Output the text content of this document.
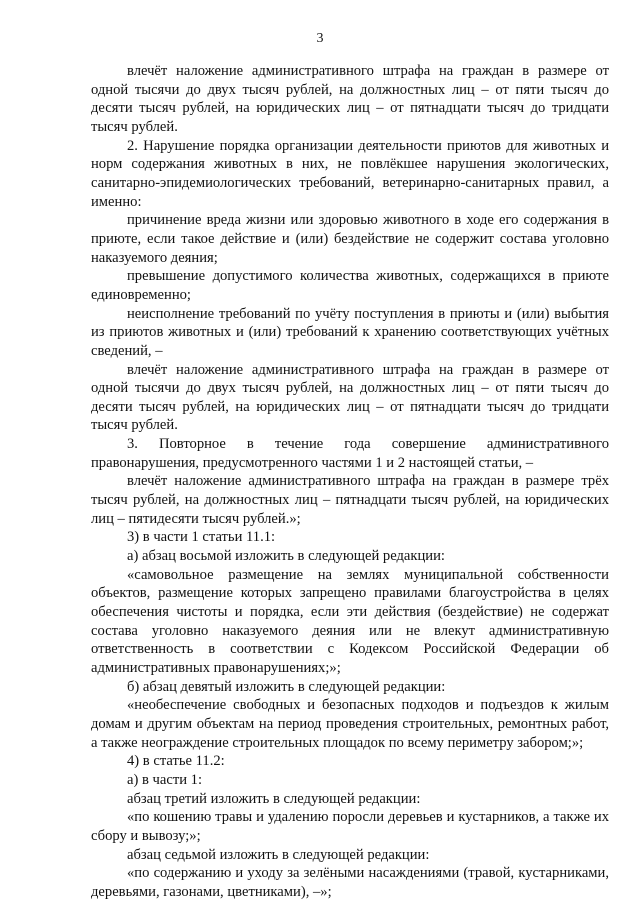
3

влечёт наложение административного штрафа на граждан в размере от одной тысячи до двух тысяч рублей, на должностных лиц – от пяти тысяч до десяти тысяч рублей, на юридических лиц – от пятнадцати тысяч до тридцати тысяч рублей.

2. Нарушение порядка организации деятельности приютов для животных и норм содержания животных в них, не повлёкшее нарушения экологических, санитарно-эпидемиологических требований, ветеринарно-санитарных правил, а именно:

причинение вреда жизни или здоровью животного в ходе его содержания в приюте, если такое действие и (или) бездействие не содержит состава уголовно наказуемого деяния;

превышение допустимого количества животных, содержащихся в приюте единовременно;

неисполнение требований по учёту поступления в приюты и (или) выбытия из приютов животных и (или) требований к хранению соответствующих учётных сведений, –

влечёт наложение административного штрафа на граждан в размере от одной тысячи до двух тысяч рублей, на должностных лиц – от пяти тысяч до десяти тысяч рублей, на юридических лиц – от пятнадцати тысяч до тридцати тысяч рублей.

3. Повторное в течение года совершение административного правонарушения, предусмотренного частями 1 и 2 настоящей статьи, –

влечёт наложение административного штрафа на граждан в размере трёх тысяч рублей, на должностных лиц – пятнадцати тысяч рублей, на юридических лиц – пятидесяти тысяч рублей.»;

3) в части 1 статьи 11.1:

а) абзац восьмой изложить в следующей редакции:

«самовольное размещение на землях муниципальной собственности объектов, размещение которых запрещено правилами благоустройства в целях обеспечения чистоты и порядка, если эти действия (бездействие) не содержат состава уголовно наказуемого деяния или не влекут административную ответственность в соответствии с Кодексом Российской Федерации об административных правонарушениях;»;

б) абзац девятый изложить в следующей редакции:

«необеспечение свободных и безопасных подходов и подъездов к жилым домам и другим объектам на период проведения строительных, ремонтных работ, а также неограждение строительных площадок по всему периметру забором;»;

4) в статье 11.2:

а) в части 1:

абзац третий изложить в следующей редакции:

«по кошению травы и удалению поросли деревьев и кустарников, а также их сбору и вывозу;»;

абзац седьмой изложить в следующей редакции:

«по содержанию и уходу за зелёными насаждениями (травой, кустарниками, деревьями, газонами, цветниками), –»;
